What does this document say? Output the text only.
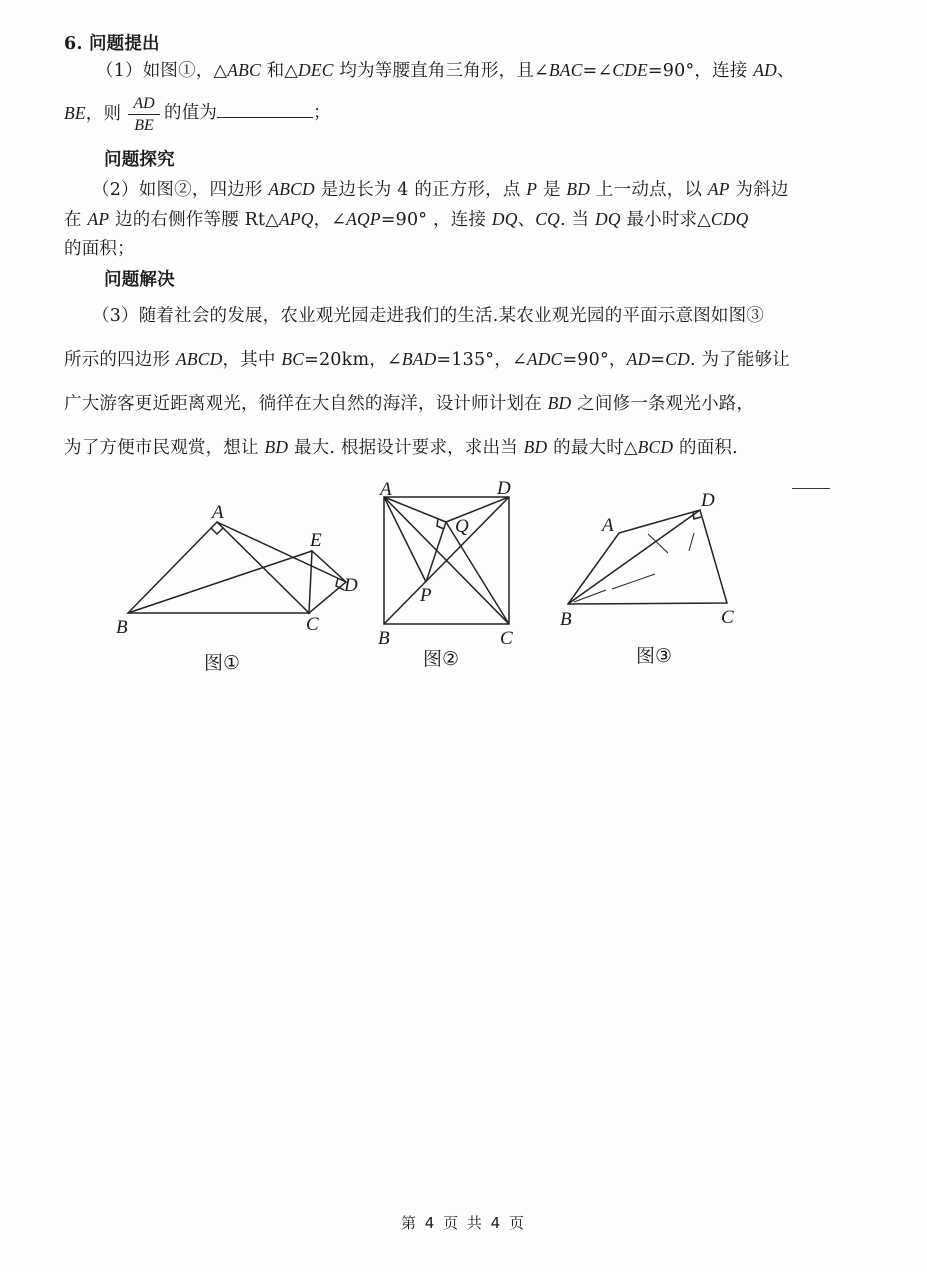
6. 问题提出
（1）如图①，△ABC 和△DEC 均为等腰直角三角形，且∠BAC=∠CDE=90°，连接 AD、
BE，则 $\frac{AD}{BE}$ 的值为	；
问题探究
（2）如图②，四边形 ABCD 是边长为 4 的正方形，点 P 是 BD 上一动点，以 AP 为斜边
在 AP 边的右侧作等腰 Rt△APQ，∠AQP=90° ，连接 DQ、CQ. 当 DQ 最小时求△CDQ
的面积；
问题解决
（3）随着社会的发展，农业观光园走进我们的生活.某农业观光园的平面示意图如图③
所示的四边形 ABCD，其中 BC=20km，∠BAD=135°，∠ADC=90°，AD=CD. 为了能够让
广大游客更近距离观光，徜徉在大自然的海洋，设计师计划在 BD 之间修一条观光小路，
为了方便市民观赏，想让 BD 最大. 根据设计要求，求出当 BD 的最大时△BCD 的面积.
A
B	C
D
E
A
B	C
D
P
Q	A
B	C
D
图①	图②	图③
第 4 页 共 4 页
